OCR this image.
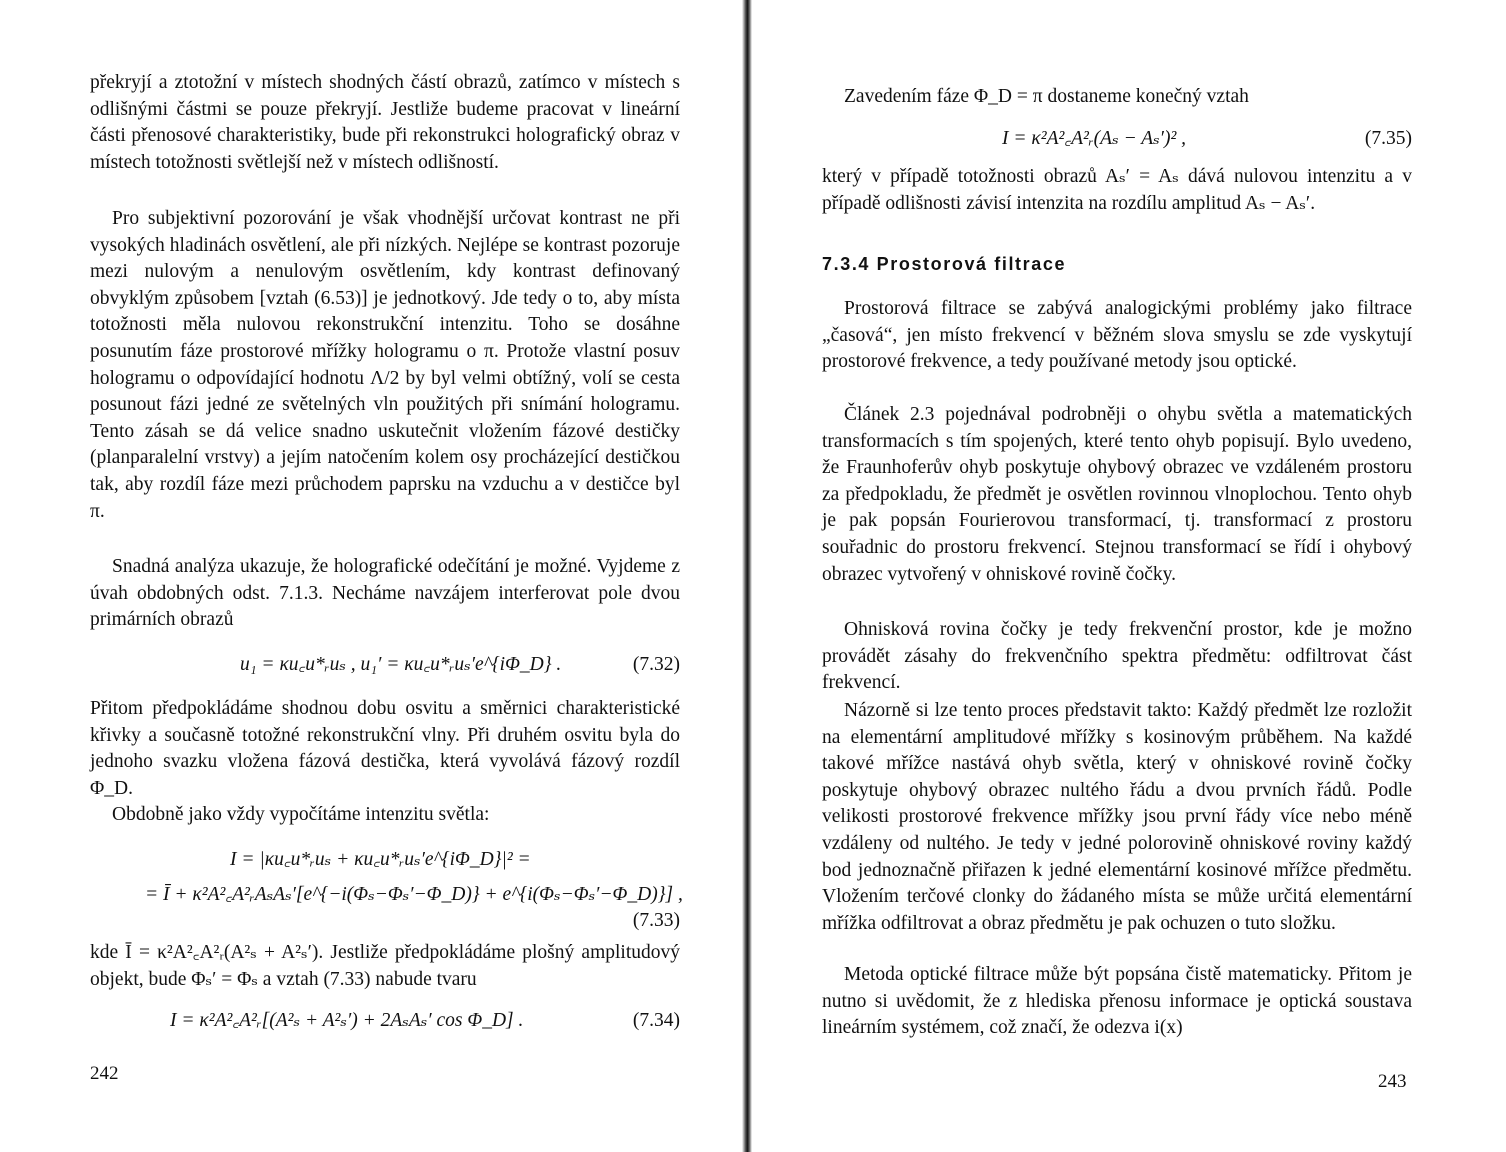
překryjí a ztotožní v místech shodných částí obrazů, zatímco v místech s odlišnými částmi se pouze překryjí. Jestliže budeme pracovat v lineární části přenosové charakteristiky, bude při rekonstrukci holografický obraz v místech totožnosti světlejší než v místech odlišností.

Pro subjektivní pozorování je však vhodnější určovat kontrast ne při vysokých hladinách osvětlení, ale při nízkých. Nejlépe se kontrast pozoruje mezi nulovým a nenulovým osvětlením, kdy kontrast definovaný obvyklým způsobem [vztah (6.53)] je jednotkový. Jde tedy o to, aby místa totožnosti měla nulovou rekonstrukční intenzitu. Toho se dosáhne posunutím fáze prostorové mřížky hologramu o π. Protože vlastní posuv hologramu o odpovídající hodnotu Λ/2 by byl velmi obtížný, volí se cesta posunout fázi jedné ze světelných vln použitých při snímání hologramu. Tento zásah se dá velice snadno uskutečnit vložením fázové destičky (planparalelní vrstvy) a jejím natočením kolem osy procházející destičkou tak, aby rozdíl fáze mezi průchodem paprsku na vzduchu a v destičce byl π.

Snadná analýza ukazuje, že holografické odečítání je možné. Vyjdeme z úvah obdobných odst. 7.1.3. Necháme navzájem interferovat pole dvou primárních obrazů

u₁ = κu꜀u*ᵣuₛ , u₁′ = κu꜀u*ᵣuₛ′e^{iΦ_D} .	(7.32)

Přitom předpokládáme shodnou dobu osvitu a směrnici charakteristické křivky a současně totožné rekonstrukční vlny. Při druhém osvitu byla do jednoho svazku vložena fázová destička, která vyvolává fázový rozdíl Φ_D.

Obdobně jako vždy vypočítáme intenzitu světla:

I = |κu꜀u*ᵣuₛ + κu꜀u*ᵣuₛ′e^{iΦ_D}|² =
= Ī + κ²A²꜀A²ᵣAₛAₛ′[e^{−i(Φₛ−Φₛ′−Φ_D)} + e^{i(Φₛ−Φₛ′−Φ_D)}] ,
(7.33)

kde Ī = κ²A²꜀A²ᵣ(A²ₛ + A²ₛ′). Jestliže předpokládáme plošný amplitudový objekt, bude Φₛ′ = Φₛ a vztah (7.33) nabude tvaru

I = κ²A²꜀A²ᵣ[(A²ₛ + A²ₛ′) + 2AₛAₛ′ cos Φ_D] .	(7.34)
242

Zavedením fáze Φ_D = π dostaneme konečný vztah

I = κ²A²꜀A²ᵣ(Aₛ − Aₛ′)² ,	(7.35)

který v případě totožnosti obrazů Aₛ′ = Aₛ dává nulovou intenzitu a v případě odlišnosti závisí intenzita na rozdílu amplitud Aₛ − Aₛ′.

7.3.4 Prostorová filtrace

Prostorová filtrace se zabývá analogickými problémy jako filtrace „časová“, jen místo frekvencí v běžném slova smyslu se zde vyskytují prostorové frekvence, a tedy používané metody jsou optické.

Článek 2.3 pojednával podrobněji o ohybu světla a matematických transformacích s tím spojených, které tento ohyb popisují. Bylo uvedeno, že Fraunhoferův ohyb poskytuje ohybový obrazec ve vzdáleném prostoru za předpokladu, že předmět je osvětlen rovinnou vlnoplochou. Tento ohyb je pak popsán Fourierovou transformací, tj. transformací z prostoru souřadnic do prostoru frekvencí. Stejnou transformací se řídí i ohybový obrazec vytvořený v ohniskové rovině čočky.

Ohnisková rovina čočky je tedy frekvenční prostor, kde je možno provádět zásahy do frekvenčního spektra předmětu: odfiltrovat část frekvencí.

Názorně si lze tento proces představit takto: Každý předmět lze rozložit na elementární amplitudové mřížky s kosinovým průběhem. Na každé takové mřížce nastává ohyb světla, který v ohniskové rovině čočky poskytuje ohybový obrazec nultého řádu a dvou prvních řádů. Podle velikosti prostorové frekvence mřížky jsou první řády více nebo méně vzdáleny od nultého. Je tedy v jedné polorovině ohniskové roviny každý bod jednoznačně přiřazen k jedné elementární kosinové mřížce předmětu. Vložením terčové clonky do žádaného místa se může určitá elementární mřížka odfiltrovat a obraz předmětu je pak ochuzen o tuto složku.

Metoda optické filtrace může být popsána čistě matematicky. Přitom je nutno si uvědomit, že z hlediska přenosu informace je optická soustava lineárním systémem, což značí, že odezva i(x)

243
